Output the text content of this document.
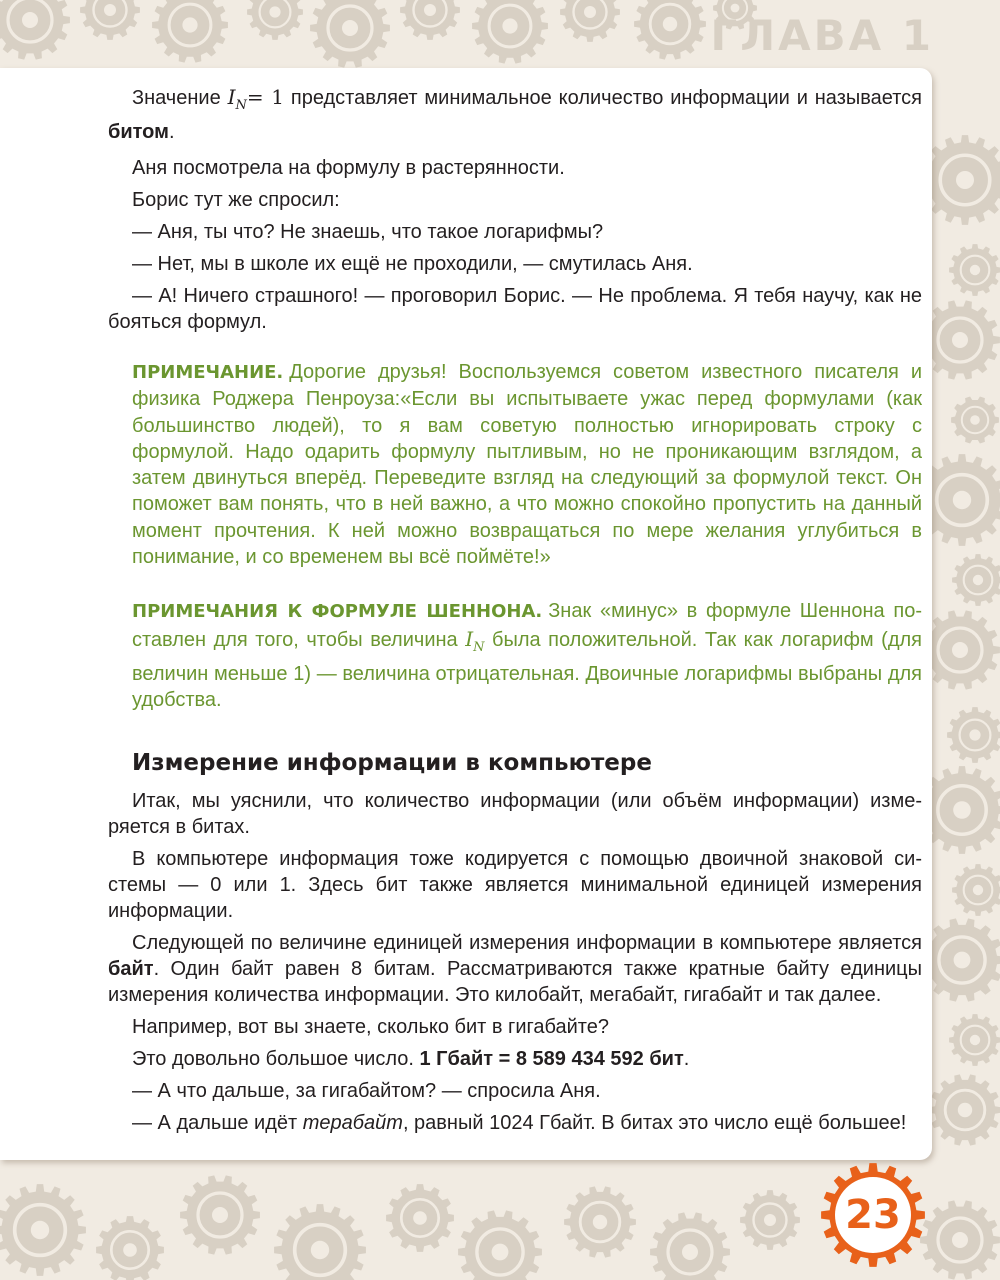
ГЛАВА 1

Значение $I_N= 1$ представляет минимальное количество информации и называется битом.

Аня посмотрела на формулу в растерянности.

Борис тут же спросил:

— Аня, ты что? Не знаешь, что такое логарифмы?

— Нет, мы в школе их ещё не проходили, — смутилась Аня.

— А! Ничего страшного! — проговорил Борис. — Не проблема. Я тебя научу, как не бояться формул.

ПРИМЕЧАНИЕ. Дорогие друзья! Воспользуемся советом известного писателя и физика Роджера Пенроуза:«Если вы испытываете ужас перед формулами (как большинство людей), то я вам советую полностью игнорировать строку с формулой. Надо одарить формулу пытливым, но не проникающим взглядом, а затем двинуться вперёд. Переведите взгляд на следующий за формулой текст. Он поможет вам понять, что в ней важно, а что можно спокойно пропустить на данный момент прочтения. К ней можно возвращаться по мере желания углубиться в понимание, и со временем вы всё поймёте!»
ПРИМЕЧАНИЯ К ФОРМУЛЕ ШЕННОНА. Знак «минус» в формуле Шеннона поставлен для того, чтобы величина $I_N$ была положительной. Так как логарифм (для величин меньше 1) — величина отрицательная. Двоичные логарифмы выбраны для удобства.
Измерение информации в компьютере

Итак, мы уяснили, что количество информации (или объём информации) измеряется в битах.

В компьютере информация тоже кодируется с помощью двоичной знаковой системы — 0 или 1. Здесь бит также является минимальной единицей измерения информации.

Следующей по величине единицей измерения информации в компьютере является байт. Один байт равен 8 битам. Рассматриваются также кратные байту единицы измерения количества информации. Это килобайт, мегабайт, гигабайт и так далее.

Например, вот вы знаете, сколько бит в гигабайте?

Это довольно большое число. 1 Гбайт = 8 589 434 592 бит.

— А что дальше, за гигабайтом? — спросила Аня.

— А дальше идёт терабайт, равный 1024 Гбайт. В битах это число ещё большее!

23
